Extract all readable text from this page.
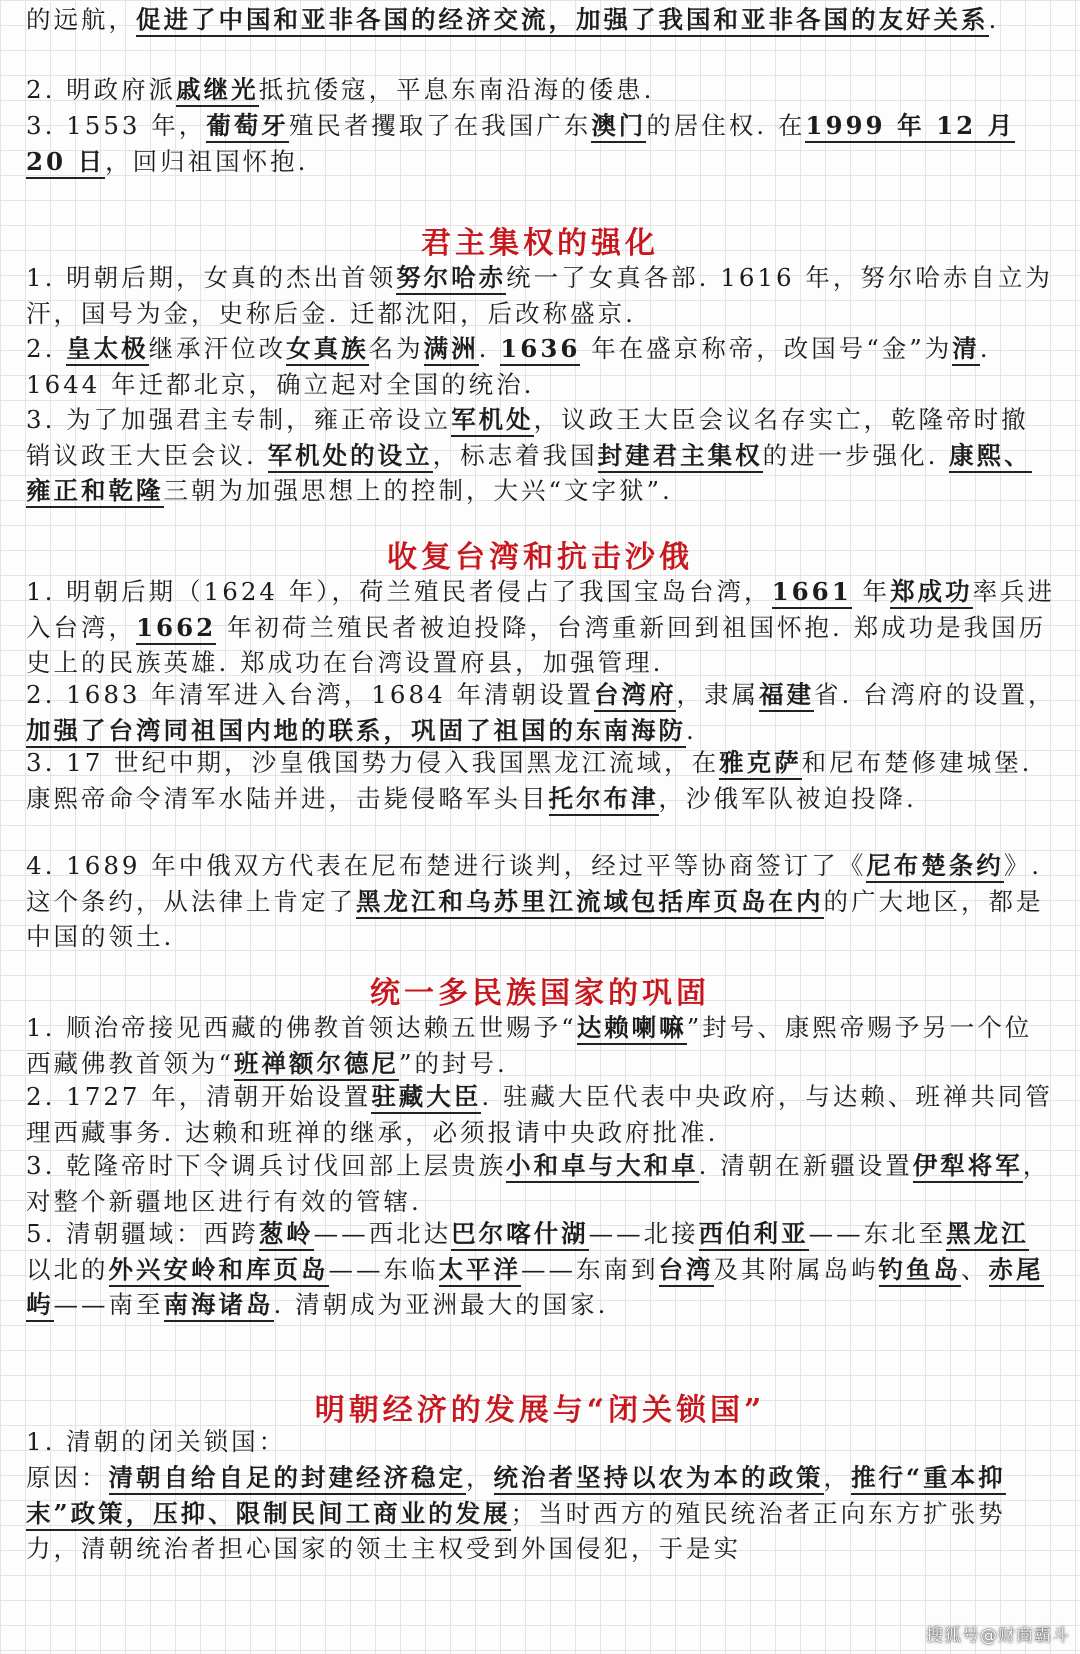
的远航，促进了中国和亚非各国的经济交流，加强了我国和亚非各国的友好关系.

2. 明政府派戚继光抵抗倭寇，平息东南沿海的倭患.

3. 1553 年，葡萄牙殖民者攫取了在我国广东澳门的居住权. 在1999 年 12 月 20 日，回归祖国怀抱.

君主集权的强化

1. 明朝后期，女真的杰出首领努尔哈赤统一了女真各部. 1616 年，努尔哈赤自立为汗，国号为金，史称后金. 迁都沈阳，后改称盛京.

2. 皇太极继承汗位改女真族名为满洲. 1636 年在盛京称帝，改国号“金”为清. 1644 年迁都北京，确立起对全国的统治.

3. 为了加强君主专制，雍正帝设立军机处，议政王大臣会议名存实亡，乾隆帝时撤销议政王大臣会议. 军机处的设立，标志着我国封建君主集权的进一步强化. 康熙、雍正和乾隆三朝为加强思想上的控制，大兴“文字狱”.

收复台湾和抗击沙俄

1. 明朝后期（1624 年），荷兰殖民者侵占了我国宝岛台湾，1661 年郑成功率兵进入台湾，1662 年初荷兰殖民者被迫投降，台湾重新回到祖国怀抱. 郑成功是我国历史上的民族英雄. 郑成功在台湾设置府县，加强管理.

2. 1683 年清军进入台湾，1684 年清朝设置台湾府，隶属福建省. 台湾府的设置，加强了台湾同祖国内地的联系，巩固了祖国的东南海防.

3. 17 世纪中期，沙皇俄国势力侵入我国黑龙江流域，在雅克萨和尼布楚修建城堡. 康熙帝命令清军水陆并进，击毙侵略军头目托尔布津，沙俄军队被迫投降.

4. 1689 年中俄双方代表在尼布楚进行谈判，经过平等协商签订了《尼布楚条约》. 这个条约，从法律上肯定了黑龙江和乌苏里江流域包括库页岛在内的广大地区，都是中国的领土.

统一多民族国家的巩固

1. 顺治帝接见西藏的佛教首领达赖五世赐予“达赖喇嘛”封号、康熙帝赐予另一个位西藏佛教首领为“班禅额尔德尼”的封号.

2. 1727 年，清朝开始设置驻藏大臣. 驻藏大臣代表中央政府，与达赖、班禅共同管理西藏事务. 达赖和班禅的继承，必须报请中央政府批准.

3. 乾隆帝时下令调兵讨伐回部上层贵族小和卓与大和卓. 清朝在新疆设置伊犁将军，对整个新疆地区进行有效的管辖.

5. 清朝疆域：西跨葱岭——西北达巴尔喀什湖——北接西伯利亚——东北至黑龙江以北的外兴安岭和库页岛——东临太平洋——东南到台湾及其附属岛屿钓鱼岛、赤尾屿——南至南海诸岛. 清朝成为亚洲最大的国家.

明朝经济的发展与“闭关锁国”

1. 清朝的闭关锁国：

原因：清朝自给自足的封建经济稳定，统治者坚持以农为本的政策，推行“重本抑末”政策，压抑、限制民间工商业的发展；当时西方的殖民统治者正向东方扩张势力，清朝统治者担心国家的领土主权受到外国侵犯，于是实

搜狐号@财商霸斗
